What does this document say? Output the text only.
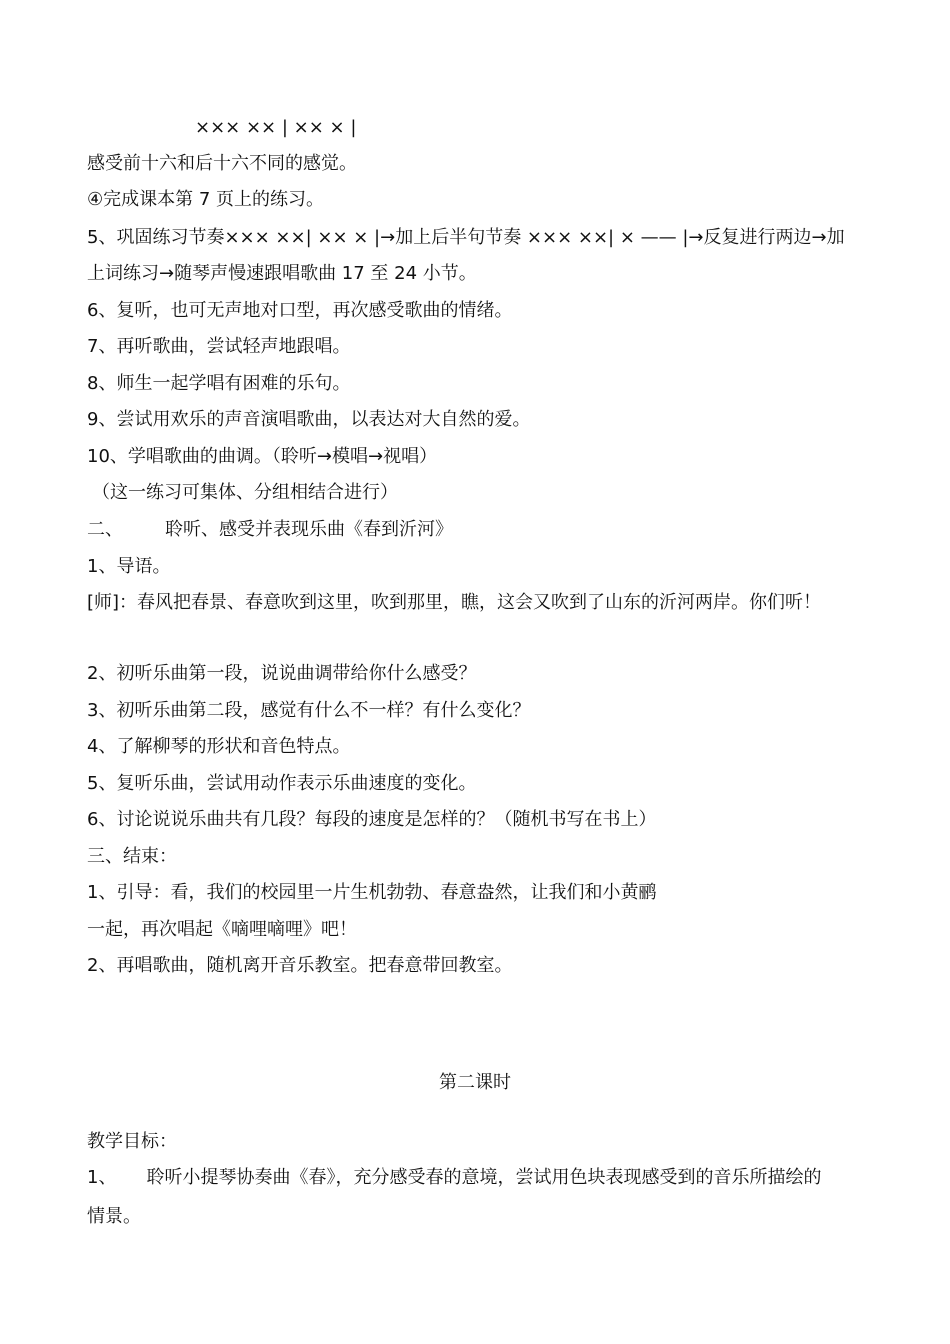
××× ×× | ×× × |

感受前十六和后十六不同的感觉。

④完成课本第 7 页上的练习。

5、巩固练习节奏××× ××| ×× × |→加上后半句节奏 ××× ××| × —— |→反复进行两边→加

上词练习→随琴声慢速跟唱歌曲 17 至 24 小节。

6、复听，也可无声地对口型，再次感受歌曲的情绪。

7、再听歌曲，尝试轻声地跟唱。

8、师生一起学唱有困难的乐句。

9、尝试用欢乐的声音演唱歌曲，以表达对大自然的爱。

10、学唱歌曲的曲调。（聆听→模唱→视唱）

（这一练习可集体、分组相结合进行）

二、 聆听、感受并表现乐曲《春到沂河》

1、导语。

[师]：春风把春景、春意吹到这里，吹到那里，瞧，这会又吹到了山东的沂河两岸。你们听！

2、初听乐曲第一段，说说曲调带给你什么感受？

3、初听乐曲第二段，感觉有什么不一样？有什么变化？

4、了解柳琴的形状和音色特点。

5、复听乐曲，尝试用动作表示乐曲速度的变化。

6、讨论说说乐曲共有几段？每段的速度是怎样的？（随机书写在书上）

三、结束：

1、引导：看，我们的校园里一片生机勃勃、春意盎然，让我们和小黄鹂

一起，再次唱起《嘀哩嘀哩》吧！

2、再唱歌曲，随机离开音乐教室。把春意带回教室。

第二课时

教学目标：

1、 聆听小提琴协奏曲《春》，充分感受春的意境，尝试用色块表现感受到的音乐所描绘的

情景。
